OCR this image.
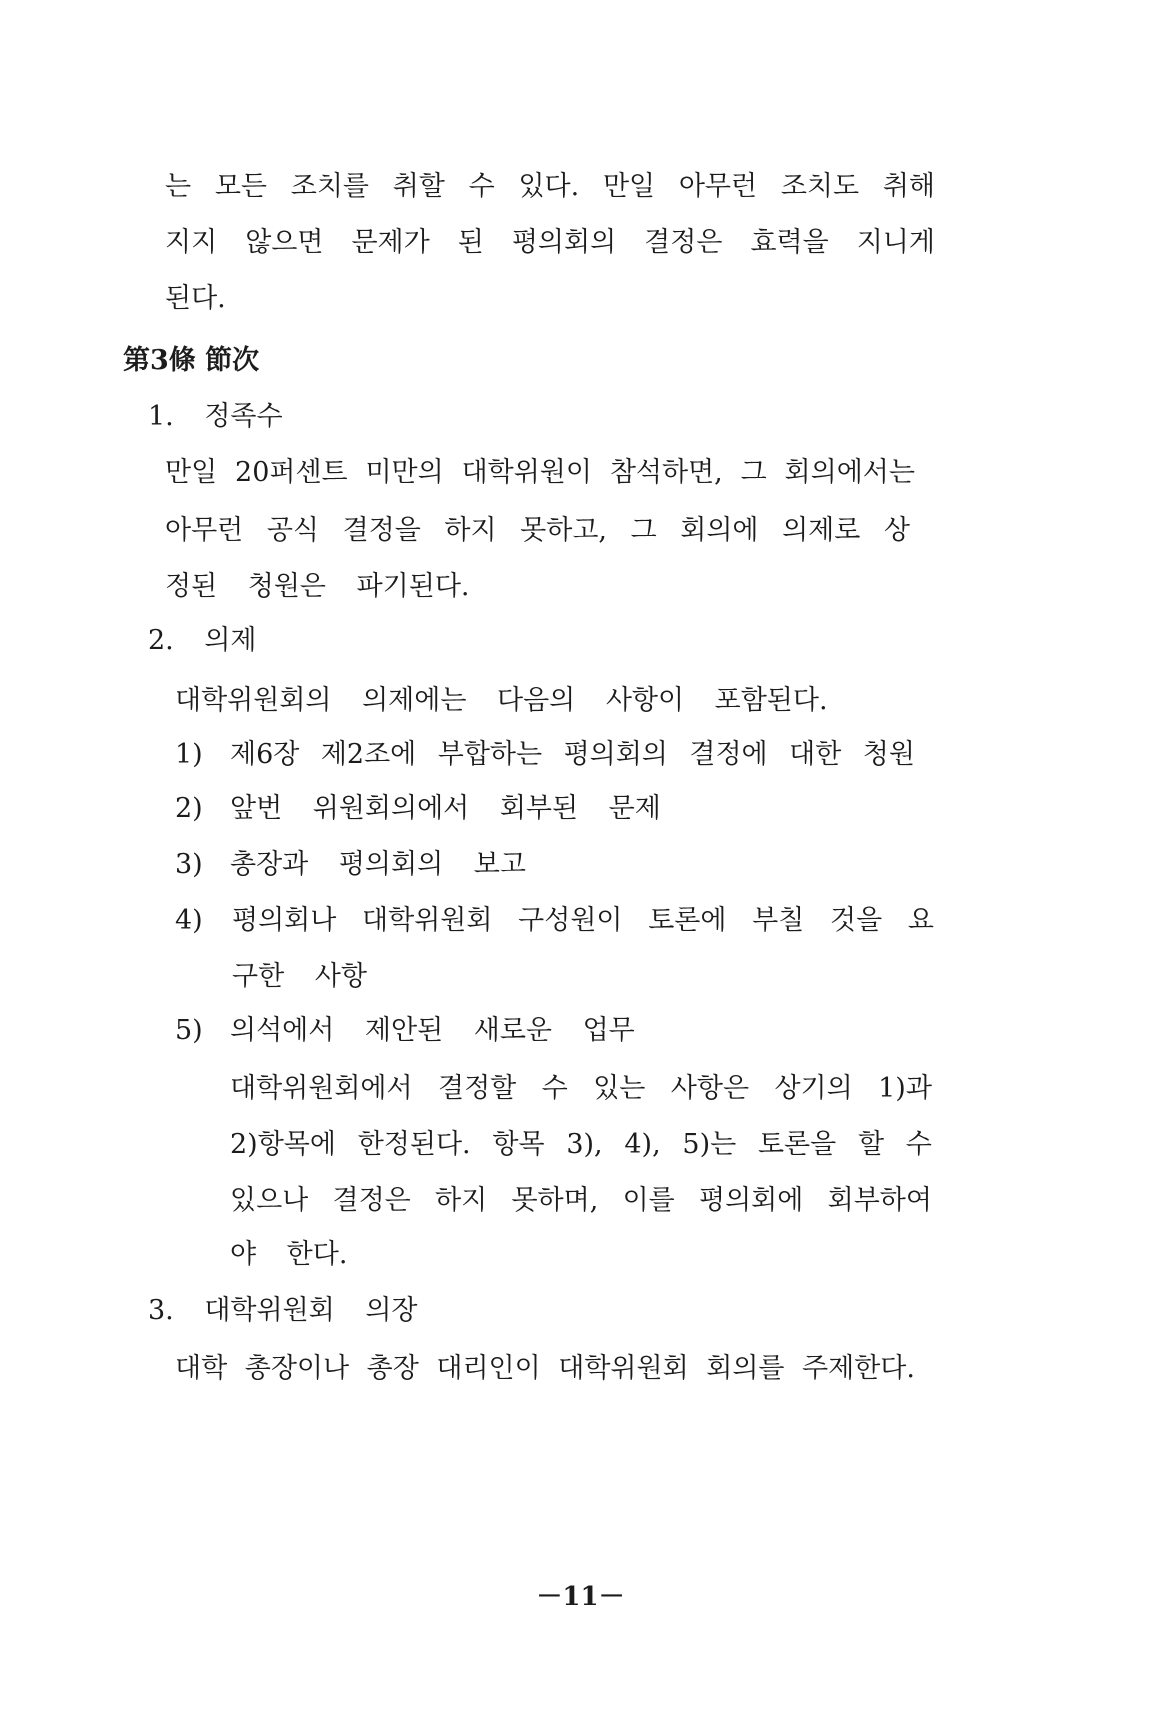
는 모든 조치를 취할 수 있다. 만일 아무런 조치도 취해
지지 않으면 문제가 된 평의회의 결정은 효력을 지니게

된다.

第3條 節次

1. 정족수

만일 20퍼센트 미만의 대학위원이 참석하면, 그 회의에서는
아무런 공식 결정을 하지 못하고, 그 회의에 의제로 상

정된 청원은 파기된다.

2. 의제

대학위원회의 의제에는 다음의 사항이 포함된다.

1) 제6장 제2조에 부합하는 평의회의 결정에 대한 청원

2) 앞번 위원회의에서 회부된 문제

3) 총장과 평의회의 보고

4) 평의회나 대학위원회 구성원이 토론에 부칠 것을 요

구한 사항

5) 의석에서 제안된 새로운 업무

대학위원회에서 결정할 수 있는 사항은 상기의 1)과
2)항목에 한정된다. 항목 3), 4), 5)는 토론을 할 수
있으나 결정은 하지 못하며, 이를 평의회에 회부하여

야 한다.

3. 대학위원회 의장

대학 총장이나 총장 대리인이 대학위원회 회의를 주제한다.

－11－
